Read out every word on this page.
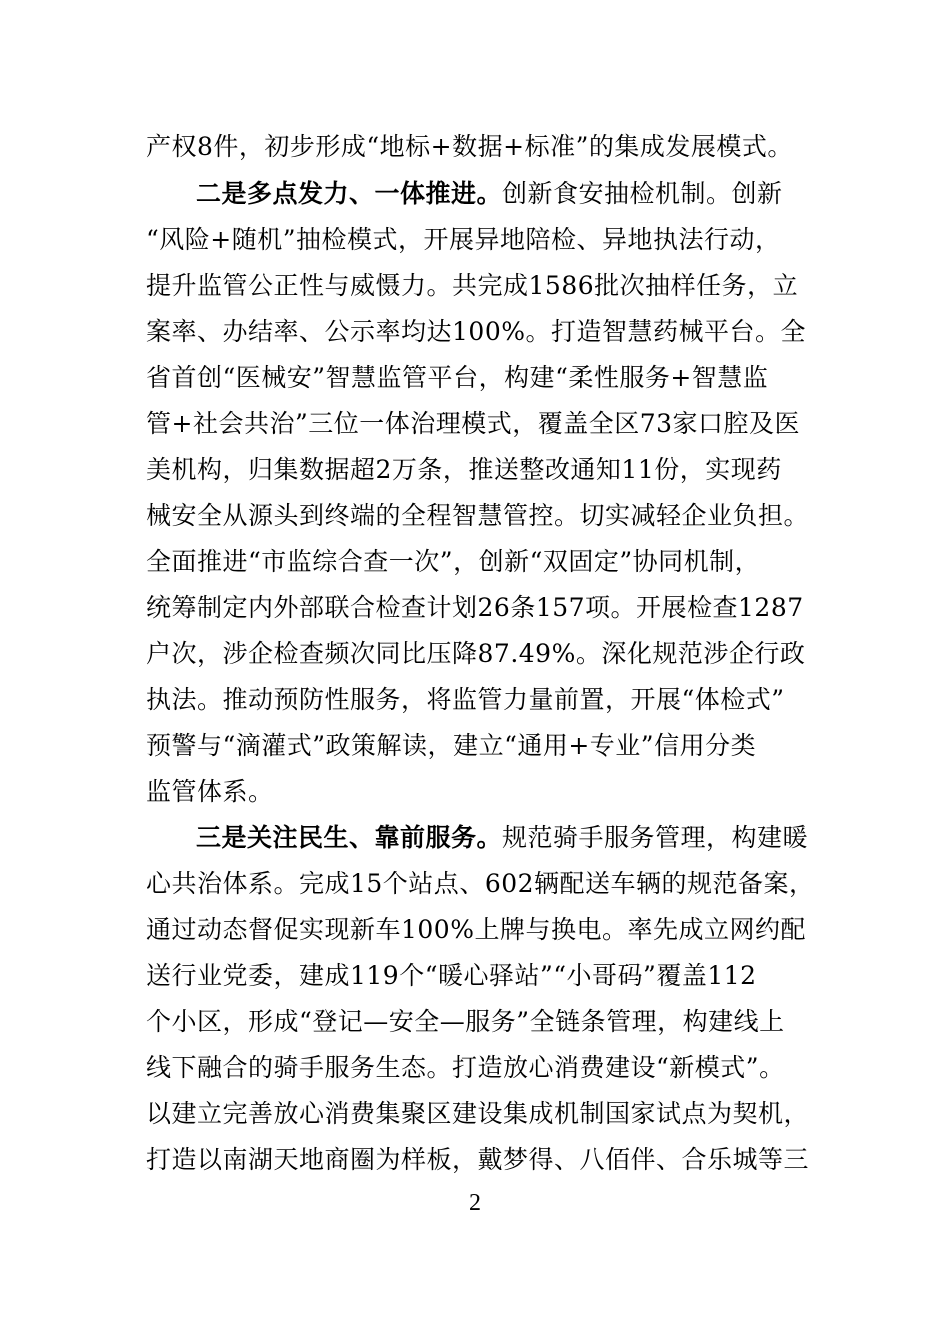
产权8件，初步形成“地标+数据+标准”的集成发展模式。
二是多点发力、一体推进。创新食安抽检机制。创新
“风险+随机”抽检模式，开展异地陪检、异地执法行动，
提升监管公正性与威慑力。共完成1586批次抽样任务，立
案率、办结率、公示率均达100%。打造智慧药械平台。全
省首创“医械安”智慧监管平台，构建“柔性服务+智慧监
管+社会共治”三位一体治理模式，覆盖全区73家口腔及医
美机构，归集数据超2万条，推送整改通知11份，实现药
械安全从源头到终端的全程智慧管控。切实减轻企业负担。
全面推进“市监综合查一次”，创新“双固定”协同机制，
统筹制定内外部联合检查计划26条157项。开展检查1287
户次，涉企检查频次同比压降87.49%。深化规范涉企行政
执法。推动预防性服务，将监管力量前置，开展“体检式”
预警与“滴灌式”政策解读，建立“通用+专业”信用分类
监管体系。
三是关注民生、靠前服务。规范骑手服务管理，构建暖
心共治体系。完成15个站点、602辆配送车辆的规范备案，
通过动态督促实现新车100%上牌与换电。率先成立网约配
送行业党委，建成119个“暖心驿站”“小哥码”覆盖112
个小区，形成“登记—安全—服务”全链条管理，构建线上
线下融合的骑手服务生态。打造放心消费建设“新模式”。
以建立完善放心消费集聚区建设集成机制国家试点为契机，
打造以南湖天地商圈为样板，戴梦得、八佰伴、合乐城等三
2
